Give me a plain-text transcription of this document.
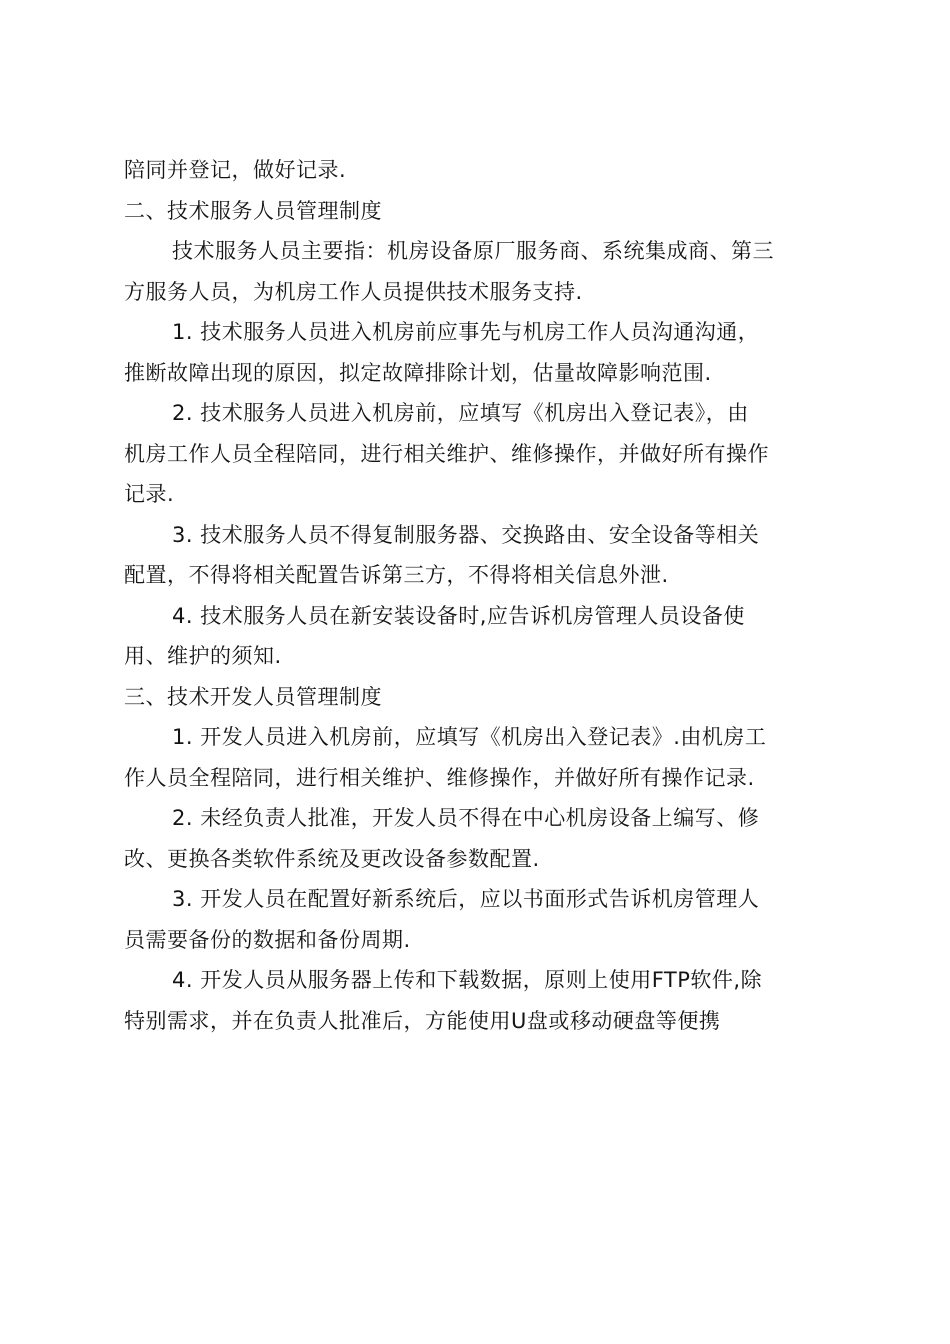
陪同并登记，做好记录.
二、技术服务人员管理制度
技术服务人员主要指：机房设备原厂服务商、系统集成商、第三
方服务人员，为机房工作人员提供技术服务支持.
1. 技术服务人员进入机房前应事先与机房工作人员沟通沟通，
推断故障出现的原因，拟定故障排除计划，估量故障影响范围.
2. 技术服务人员进入机房前，应填写《机房出入登记表》，由
机房工作人员全程陪同，进行相关维护、维修操作，并做好所有操作
记录.
3. 技术服务人员不得复制服务器、交换路由、安全设备等相关
配置，不得将相关配置告诉第三方，不得将相关信息外泄.
4. 技术服务人员在新安装设备时,应告诉机房管理人员设备使
用、维护的须知.
三、技术开发人员管理制度
1. 开发人员进入机房前，应填写《机房出入登记表》.由机房工
作人员全程陪同，进行相关维护、维修操作，并做好所有操作记录.
2. 未经负责人批准，开发人员不得在中心机房设备上编写、修
改、更换各类软件系统及更改设备参数配置.
3. 开发人员在配置好新系统后，应以书面形式告诉机房管理人
员需要备份的数据和备份周期.
4. 开发人员从服务器上传和下载数据，原则上使用FTP软件,除
特别需求，并在负责人批准后，方能使用U盘或移动硬盘等便携
